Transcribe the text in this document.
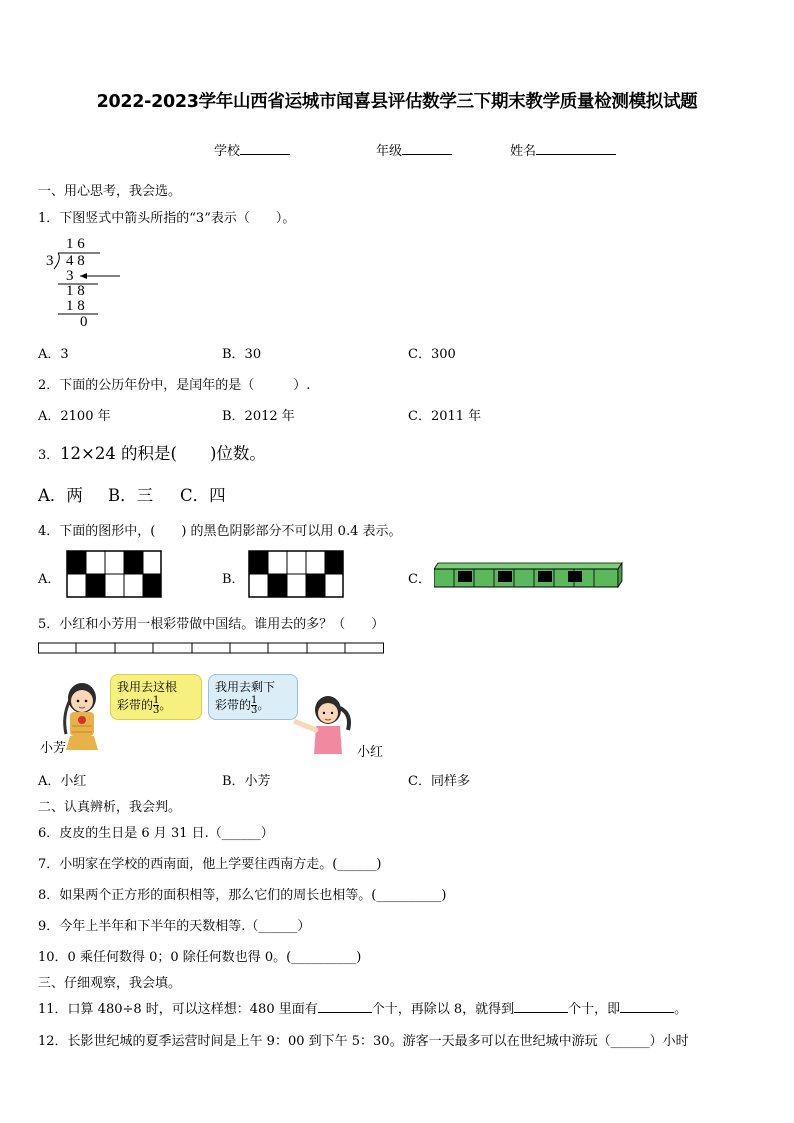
2022-2023学年山西省运城市闻喜县评估数学三下期末教学质量检测模拟试题
学校	年级	姓名
一、用心思考，我会选。
1．下图竖式中箭头所指的“3”表示（　　）。
1 6
3 4 8
3
1 8
1 8
0
A．3	B．30	C．300
2．下面的公历年份中，是闰年的是（　　　）.
A．2100 年	B．2012 年	C．2011 年
3． 12×24 的积是(　　)位数。
A．两 B．三 C．四
4．下面的图形中，(　　) 的黑色阴影部分不可以用 0.4 表示。
A．	B．	C．
5．小红和小芳用一根彩带做中国结。谁用去的多？（　　）
我用去这根
彩带的$\frac{1}{3}$。
小芳
我用去剩下
彩带的$\frac{1}{3}$。
小红
A．小红	B．小芳	C．同样多
二、认真辨析，我会判。
6．皮皮的生日是 6 月 31 日.（______）
7．小明家在学校的西南面，他上学要往西南方走。(______)
8．如果两个正方形的面积相等，那么它们的周长也相等。(__________)
9．今年上半年和下半年的天数相等.（______）
10．0 乘任何数得 0；0 除任何数也得 0。(__________)
三、仔细观察，我会填。
11．口算 480÷8 时，可以这样想：480 里面有	个十，再除以 8，就得到	个十，即	。
12．长影世纪城的夏季运营时间是上午 9：00 到下午 5：30。游客一天最多可以在世纪城中游玩（______）小时
